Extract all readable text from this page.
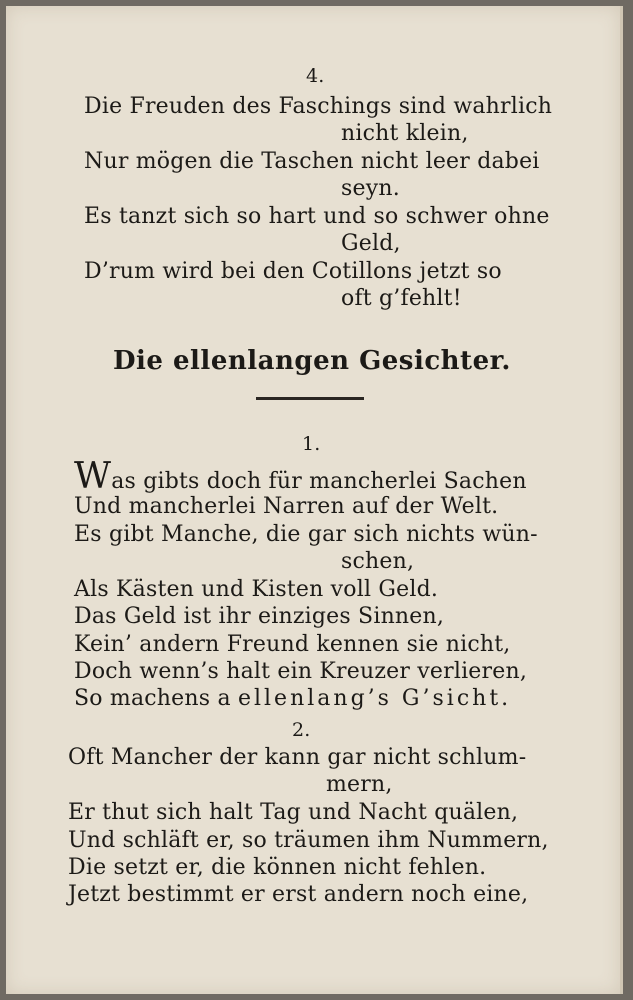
4.
Die Freuden des Faschings sind wahrlich
nicht klein,
Nur mögen die Taschen nicht leer dabei
seyn.
Es tanzt sich so hart und so schwer ohne
Geld,
D’rum wird bei den Cotillons jetzt so
oft g’fehlt!
Die ellenlangen Gesichter.
1.
Was gibts doch für mancherlei Sachen
Und mancherlei Narren auf der Welt.
Es gibt Manche, die gar sich nichts wün-
schen,
Als Kästen und Kisten voll Geld.
Das Geld ist ihr einziges Sinnen,
Kein’ andern Freund kennen sie nicht,
Doch wenn’s halt ein Kreuzer verlieren,
So machens a ellenlang’s G’sicht.
2.
Oft Mancher der kann gar nicht schlum-
mern,
Er thut sich halt Tag und Nacht quälen,
Und schläft er, so träumen ihm Nummern,
Die setzt er, die können nicht fehlen.
Jetzt bestimmt er erst andern noch eine,
